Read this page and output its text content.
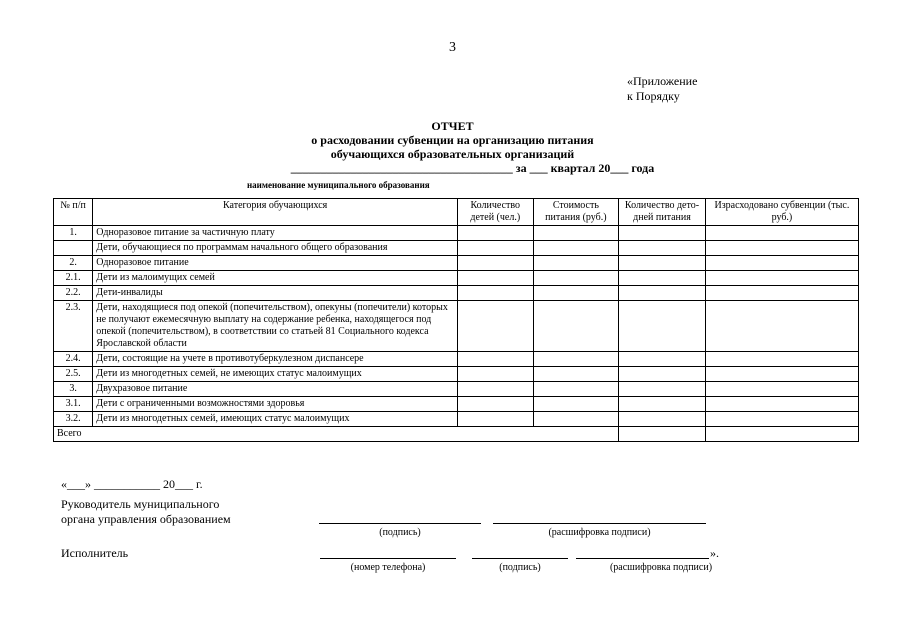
3
«Приложение
к Порядку
ОТЧЕТ
о расходовании субвенции на организацию питания
обучающихся образовательных организаций
_____________________________________ за ___ квартал 20___ года
наименование муниципального образования
№ п/п	Категория обучающихся	Количество детей (чел.)	Стоимость питания (руб.)	Количество дето-дней питания	Израсходовано субвенции (тыс. руб.)
1.	Одноразовое питание за частичную плату				
	Дети, обучающиеся по программам начального общего образования				
2.	Одноразовое питание				
2.1.	Дети из малоимущих семей				
2.2.	Дети-инвалиды				
2.3.	Дети, находящиеся под опекой (попечительством), опекуны (попечители) которых не получают ежемесячную выплату на содержание ребенка, находящегося под опекой (попечительством), в соответствии со статьей 81 Социального кодекса Ярославской области				
2.4.	Дети, состоящие на учете в противотуберкулезном диспансере				
2.5.	Дети из многодетных семей, не имеющих статус малоимущих				
3.	Двухразовое питание				
3.1.	Дети с ограниченными возможностями здоровья				
3.2.	Дети из многодетных семей, имеющих статус малоимущих				
Всего					
«___» ___________ 20___ г.
Руководитель муниципального
органа управления образованием
(подпись)	(расшифровка подписи)
Исполнитель
(номер телефона)	(подпись)
».
(расшифровка подписи)
